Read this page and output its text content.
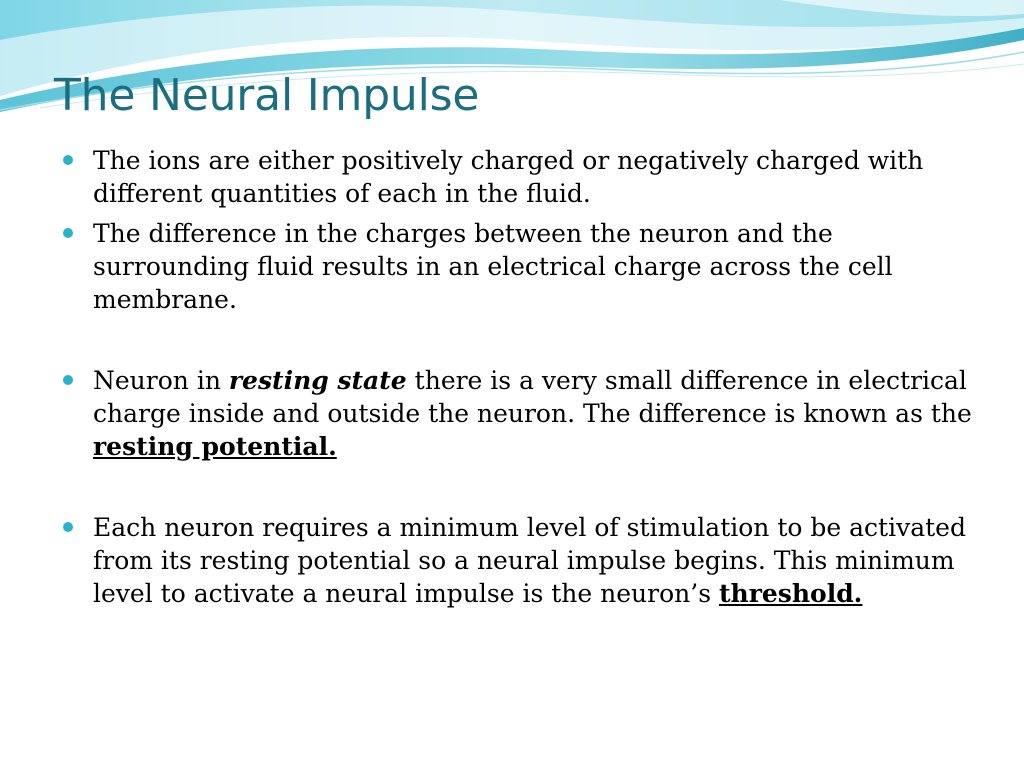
The Neural Impulse
The ions are either positively charged or negatively charged with different quantities of each in the fluid.
The difference in the charges between the neuron and the surrounding fluid results in an electrical charge across the cell membrane.
Neuron in resting state there is a very small difference in electrical charge inside and outside the neuron. The difference is known as the resting potential.
Each neuron requires a minimum level of stimulation to be activated from its resting potential so a neural impulse begins. This minimum level to activate a neural impulse is the neuron’s threshold.
